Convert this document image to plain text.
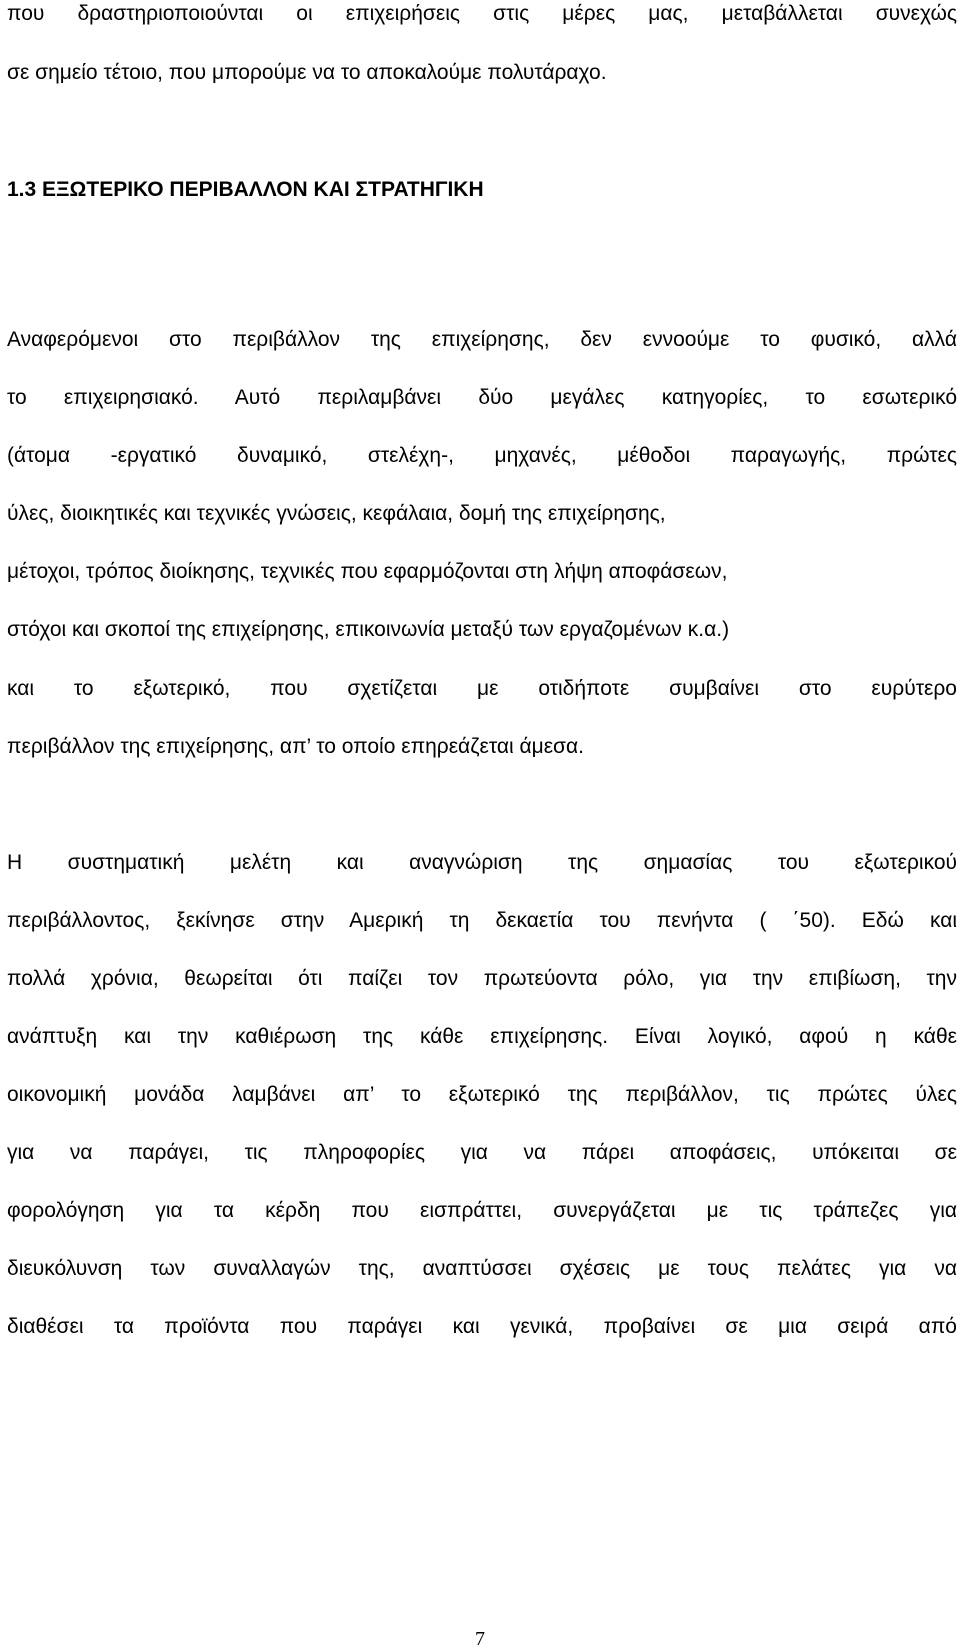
που δραστηριοποιούνται οι επιχειρήσεις στις μέρες μας, μεταβάλλεται συνεχώς

σε σημείο τέτοιο, που μπορούμε να το αποκαλούμε πολυτάραχο.

1.3 ΕΞΩΤΕΡΙΚΟ ΠΕΡΙΒΑΛΛΟΝ ΚΑΙ ΣΤΡΑΤΗΓΙΚΗ

Αναφερόμενοι στο περιβάλλον της επιχείρησης, δεν εννοούμε το φυσικό, αλλά

το επιχειρησιακό. Αυτό περιλαμβάνει δύο μεγάλες κατηγορίες, το εσωτερικό

(άτομα -εργατικό δυναμικό, στελέχη-, μηχανές, μέθοδοι παραγωγής, πρώτες

ύλες, διοικητικές και τεχνικές γνώσεις, κεφάλαια, δομή της επιχείρησης,

μέτοχοι, τρόπος διοίκησης, τεχνικές που εφαρμόζονται στη λήψη αποφάσεων,

στόχοι και σκοποί της επιχείρησης, επικοινωνία μεταξύ των εργαζομένων κ.α.)

και το εξωτερικό, που σχετίζεται με οτιδήποτε συμβαίνει στο ευρύτερο

περιβάλλον της επιχείρησης, απ’ το οποίο επηρεάζεται άμεσα.

Η συστηματική μελέτη και αναγνώριση της σημασίας του εξωτερικού

περιβάλλοντος, ξεκίνησε στην Αμερική τη δεκαετία του πενήντα ( ΄50). Εδώ και

πολλά χρόνια, θεωρείται ότι παίζει τον πρωτεύοντα ρόλο, για την επιβίωση, την

ανάπτυξη και την καθιέρωση της κάθε επιχείρησης. Είναι λογικό, αφού η κάθε

οικονομική μονάδα λαμβάνει απ’ το εξωτερικό της περιβάλλον, τις πρώτες ύλες

για να παράγει, τις πληροφορίες για να πάρει αποφάσεις, υπόκειται σε

φορολόγηση για τα κέρδη που εισπράττει, συνεργάζεται με τις τράπεζες για

διευκόλυνση των συναλλαγών της, αναπτύσσει σχέσεις με τους πελάτες για να

διαθέσει τα προϊόντα που παράγει και γενικά, προβαίνει σε μια σειρά από

7
